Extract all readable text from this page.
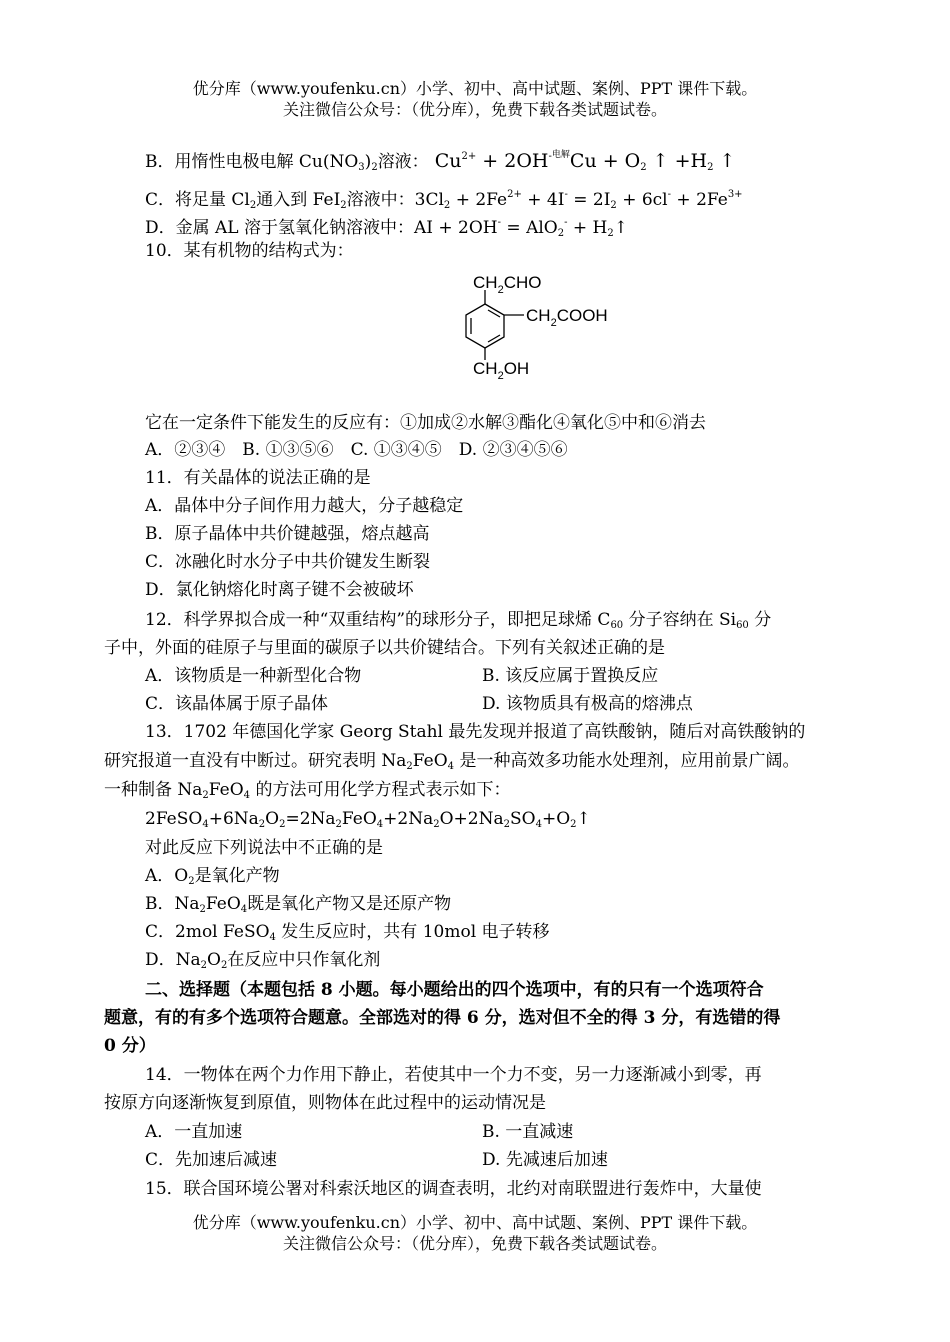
优分库（www.youfenku.cn）小学、初中、高中试题、案例、PPT 课件下载。
关注微信公众号：（优分库），免费下载各类试题试卷。
B．用惰性电极电解 $Cu(NO_3)_2$溶液： $Cu^{2+} + 2OH^{-电解}Cu + O_2$ ↑ $+H_2$ ↑
C．将足量 $Cl_2$通入到 FeI$_2$溶液中：$3Cl_2 + 2Fe^{2+} + 4I^- = 2I_2 + 6cl^- + 2Fe^{3+}$
D．金属 AL 溶于氢氧化钠溶液中：AI + $2OH^- = AlO_2^- + H_2↑$
10．某有机物的结构式为：
$CH_2CHO$
$CH_2COOH$
$CH_2OH$
它在一定条件下能发生的反应有：①加成②水解③酯化④氧化⑤中和⑥消去
A．②③④　B. ①③⑤⑥　C. ①③④⑤　D. ②③④⑤⑥
11．有关晶体的说法正确的是
A．晶体中分子间作用力越大，分子越稳定
B．原子晶体中共价键越强，熔点越高
C．冰融化时水分子中共价键发生断裂
D．氯化钠熔化时离子键不会被破坏
12．科学界拟合成一种“双重结构”的球形分子，即把足球烯 $C_{60}$ 分子容纳在 $Si_{60}$ 分
子中，外面的硅原子与里面的碳原子以共价键结合。下列有关叙述正确的是
A．该物质是一种新型化合物	B. 该反应属于置换反应
C．该晶体属于原子晶体	D. 该物质具有极高的熔沸点
13．1702 年德国化学家 Georg Stahl 最先发现并报道了高铁酸钠，随后对高铁酸钠的
研究报道一直没有中断过。研究表明 $Na_2FeO_4$ 是一种高效多功能水处理剂，应用前景广阔。
一种制备 $Na_2FeO_4$ 的方法可用化学方程式表示如下：
$2FeSO_4+6Na_2O_2=2Na_2FeO_4+2Na_2O+2Na_2SO_4+O_2↑$
对此反应下列说法中不正确的是
A．$O_2$是氧化产物
B．$Na_2FeO_4$既是氧化产物又是还原产物
C．2mol FeSO$_4$ 发生反应时，共有 10mol 电子转移
D．$Na_2O_2$在反应中只作氧化剂
二、选择题（本题包括 8 小题。每小题给出的四个选项中，有的只有一个选项符合
题意，有的有多个选项符合题意。全部选对的得 6 分，选对但不全的得 3 分，有选错的得
0 分）
14．一物体在两个力作用下静止，若使其中一个力不变，另一力逐渐减小到零，再
按原方向逐渐恢复到原值，则物体在此过程中的运动情况是
A．一直加速	B. 一直减速
C．先加速后减速	D. 先减速后加速
15．联合国环境公署对科索沃地区的调查表明，北约对南联盟进行轰炸中，大量使
优分库（www.youfenku.cn）小学、初中、高中试题、案例、PPT 课件下载。
关注微信公众号：（优分库），免费下载各类试题试卷。
